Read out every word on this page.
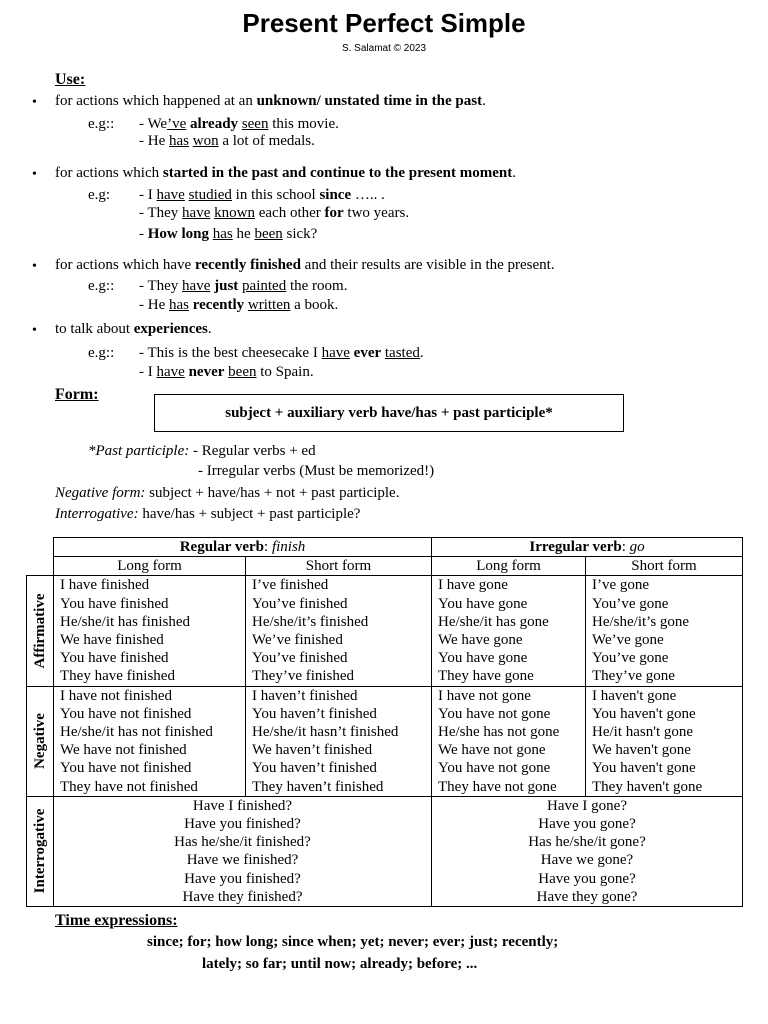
Present Perfect Simple
S. Salamat © 2023
Use:
• for actions which happened at an unknown/ unstated time in the past.
e.g:: - We’ve already seen this movie.
- He has won a lot of medals.
• for actions which started in the past and continue to the present moment.
e.g: - I have studied in this school since ….. .
- They have known each other for two years.
- How long has he been sick?
• for actions which have recently finished and their results are visible in the present.
e.g:: - They have just painted the room.
- He has recently written a book.
• to talk about experiences.
e.g:: - This is the best cheesecake I have ever tasted.
- I have never been to Spain.
Form:
subject + auxiliary verb have/has + past participle*
*Past participle: - Regular verbs + ed
- Irregular verbs (Must be memorized!)
Negative form: subject + have/has + not + past participle.
Interrogative: have/has + subject + past participle?
	Regular verb: finish		Irregular verb: go	
	Long form	Short form	Long form	Short form

Affirmative	I have finished	I’ve finished	I have gone	I’ve gone
	You have finished	You’ve finished	You have gone	You’ve gone
	He/she/it has finished	He/she/it’s finished	He/she/it has gone	He/she/it’s gone
	We have finished	We’ve finished	We have gone	We’ve gone
	You have finished	You’ve finished	You have gone	You’ve gone
	They have finished	They’ve finished	They have gone	They’ve gone

Negative	I have not finished	I haven’t finished	I have not gone	I haven't gone
	You have not finished	You haven’t finished	You have not gone	You haven't gone
	He/she/it has not finished	He/she/it hasn’t finished	He/she has not gone	He/it hasn't gone
	We have not finished	We haven’t finished	We have not gone	We haven't gone
	You have not finished	You haven’t finished	You have not gone	You haven't gone
	They have not finished	They haven’t finished	They have not gone	They haven't gone

Interrogative	Have I finished?		Have I gone?	
	Have you finished?		Have you gone?	
	Has he/she/it finished?		Has he/she/it gone?	
	Have we finished?		Have we gone?	
	Have you finished?		Have you gone?	
	Have they finished?		Have they gone?	
Time expressions:
since; for; how long; since when; yet; never; ever; just; recently;
lately; so far; until now; already; before; ...
